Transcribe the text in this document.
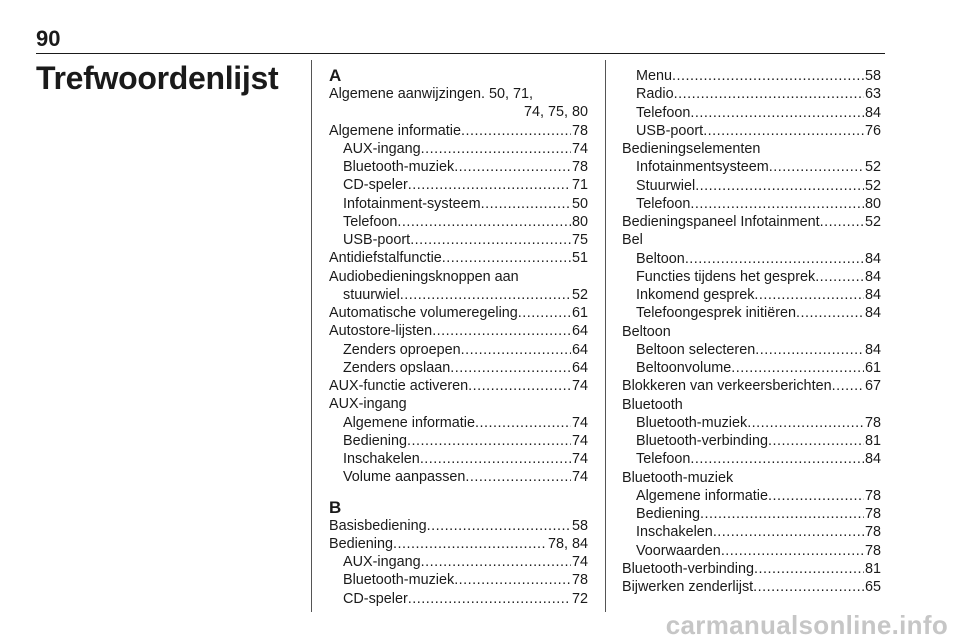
90
Trefwoordenlijst	A
Algemene aanwijzingen. 50, 71,
74, 75, 80
Algemene informatie .....	78
AUX-ingang .....	74
Bluetooth-muziek .....	78
CD-speler .....	71
Infotainment-systeem .....	50
Telefoon .....	80
USB-poort .....	75
Antidiefstalfunctie .....	51
Audiobedieningsknoppen aan
stuurwiel .....	52
Automatische volumeregeling .....	61
Autostore-lijsten .....	64
Zenders oproepen .....	64
Zenders opslaan .....	64
AUX-functie activeren .....	74
AUX-ingang
Algemene informatie .....	74
Bediening .....	74
Inschakelen .....	74
Volume aanpassen .....	74
B
Basisbediening .....	58
Bediening .....	78, 84
AUX-ingang .....	74
Bluetooth-muziek .....	78
CD-speler .....	72
Menu .....	58
Radio .....	63
Telefoon .....	84
USB-poort .....	76
Bedieningselementen
Infotainmentsysteem .....	52
Stuurwiel .....	52
Telefoon .....	80
Bedieningspaneel Infotainment .....	52
Bel
Beltoon .....	84
Functies tijdens het gesprek .....	84
Inkomend gesprek .....	84
Telefoongesprek initiëren .....	84
Beltoon
Beltoon selecteren .....	84
Beltoonvolume .....	61
Blokkeren van verkeersberichten ..... 67
Bluetooth
Bluetooth-muziek .....	78
Bluetooth-verbinding .....	81
Telefoon .....	84
Bluetooth-muziek
Algemene informatie .....	78
Bediening .....	78
Inschakelen .....	78
Voorwaarden .....	78
Bluetooth-verbinding .....	81
Bijwerken zenderlijst .....	65
carmanualsonline.info
